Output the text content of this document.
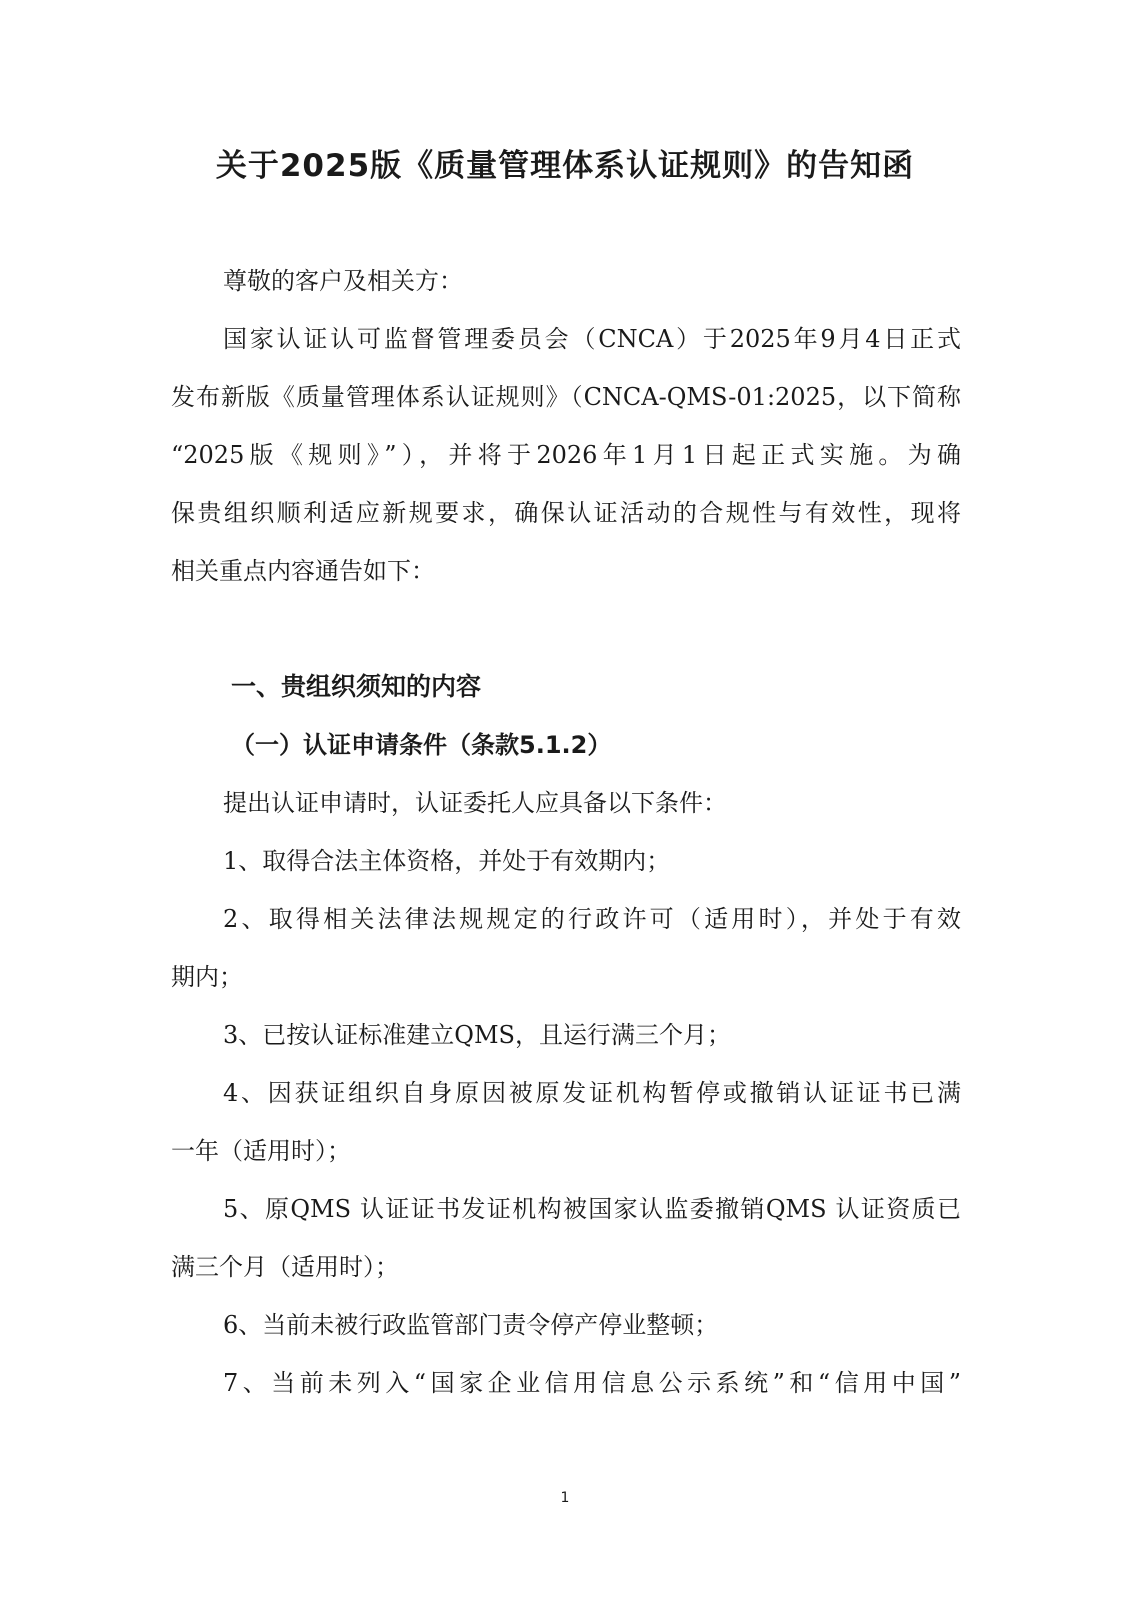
关于2025版《质量管理体系认证规则》的告知函
尊敬的客户及相关方：
国家认证认可监督管理委员会（CNCA）于2025年9月4日正式
发布新版《质量管理体系认证规则》（CNCA-QMS-01:2025，以下简称
“2025版《规则》”），并将于2026年1月1日起正式实施。为确
保贵组织顺利适应新规要求，确保认证活动的合规性与有效性，现将
相关重点内容通告如下：
一、贵组织须知的内容
（一）认证申请条件（条款5.1.2）
提出认证申请时，认证委托人应具备以下条件：
1、取得合法主体资格，并处于有效期内；
2、取得相关法律法规规定的行政许可（适用时），并处于有效
期内；
3、已按认证标准建立QMS，且运行满三个月；
4、因获证组织自身原因被原发证机构暂停或撤销认证证书已满
一年（适用时）；
5、原QMS 认证证书发证机构被国家认监委撤销QMS 认证资质已
满三个月（适用时）；
6、当前未被行政监管部门责令停产停业整顿；
7、当前未列入“国家企业信用信息公示系统”和“信用中国”
1
